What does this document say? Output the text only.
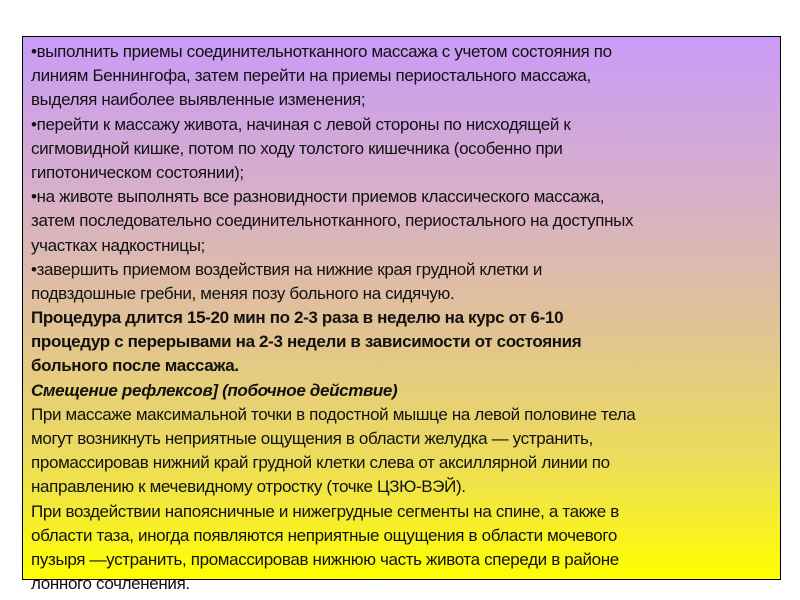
•выполнить приемы соединительнотканного массажа с учетом состояния по
линиям Беннингофа, затем перейти на приемы периостального массажа,
выделяя наиболее выявленные изменения;
•перейти к массажу живота, начиная с левой стороны по нисходящей к
сигмовидной кишке, потом по ходу толстого кишечника (особенно при
гипотоническом состоянии);
•на животе выполнять все разновидности приемов классического массажа,
затем последовательно соединительнотканного, периостального на доступных
участках надкостницы;
•завершить приемом воздействия на нижние края грудной клетки и
подвздошные гребни, меняя позу больного на сидячую.
Процедура длится 15-20 мин по 2-3 раза в неделю на курс от 6-10
процедур с перерывами на 2-3 недели в зависимости от состояния
больного после массажа.
Смещение рефлексов] (побочное действие)
При массаже максимальной точки в подостной мышце на левой половине тела
могут возникнуть неприятные ощущения в области желудка — устранить,
промассировав нижний край грудной клетки слева от аксиллярной линии по
направлению к мечевидному отростку (точке ЦЗЮ-ВЭЙ).
При воздействии напоясничные и нижегрудные сегменты на спине, а также в
области таза, иногда появляются неприятные ощущения в области мочевого
пузыря —устранить, промассировав нижнюю часть живота спереди в районе
лонного сочленения.
